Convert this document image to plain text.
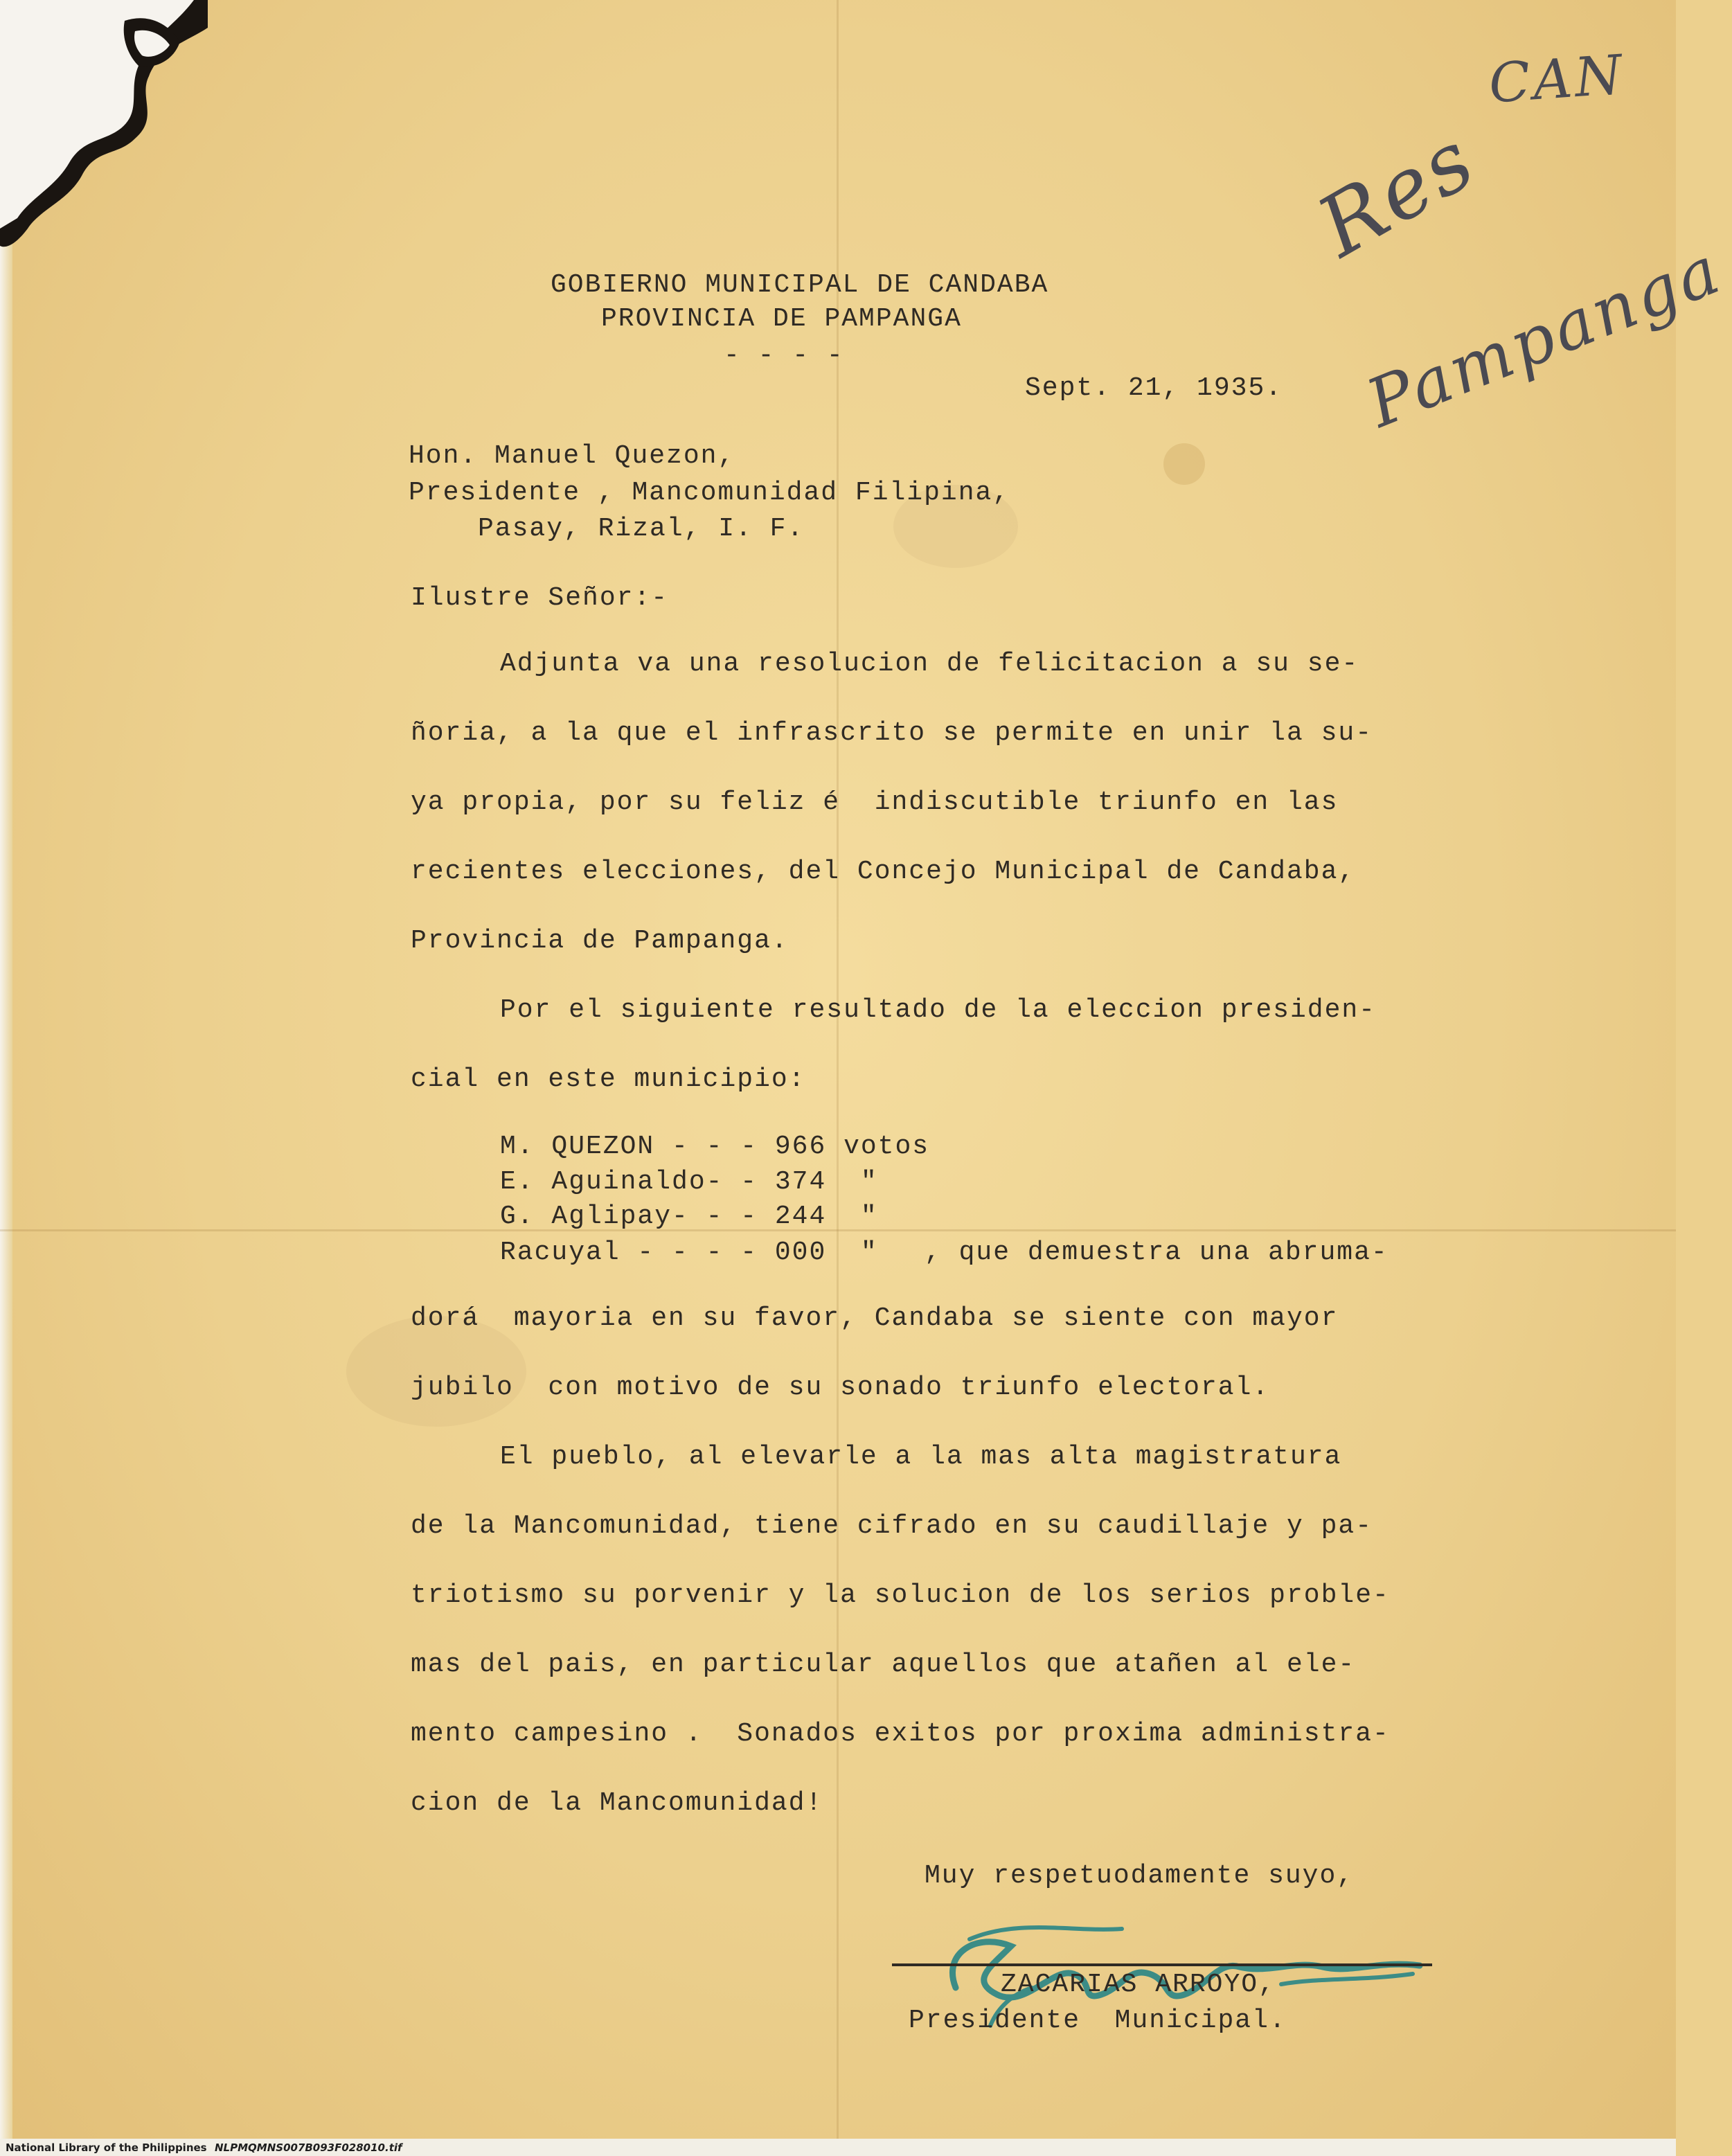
GOBIERNO MUNICIPAL DE CANDABA
PROVINCIA DE PAMPANGA
- - - -
Sept. 21, 1935.
Hon. Manuel Quezon,
Presidente , Mancomunidad Filipina,
Pasay, Rizal, I. F.
Ilustre Señor:-
Adjunta va una resolucion de felicitacion a su se-
ñoria, a la que el infrascrito se permite en unir la su-
ya propia, por su feliz é  indiscutible triunfo en las
recientes elecciones, del Concejo Municipal de Candaba,
Provincia de Pampanga.
Por el siguiente resultado de la eleccion presiden-
cial en este municipio:
M. QUEZON - - - 966 votos
E. Aguinaldo- - 374  "
G. Aglipay- - - 244  "
Racuyal - - - - 000  " , que demuestra una abruma-
dorá  mayoria en su favor, Candaba se siente con mayor
jubilo  con motivo de su sonado triunfo electoral.
El pueblo, al elevarle a la mas alta magistratura
de la Mancomunidad, tiene cifrado en su caudillaje y pa-
triotismo su porvenir y la solucion de los serios proble-
mas del pais, en particular aquellos que atañen al ele-
mento campesino .  Sonados exitos por proxima administra-
cion de la Mancomunidad!
Muy respetuodamente suyo,
ZACARIAS ARROYO,
Presidente  Municipal.
CAN
Res
Pampanga
National Library of the Philippines NLPMQMNS007B093F028010.tif
